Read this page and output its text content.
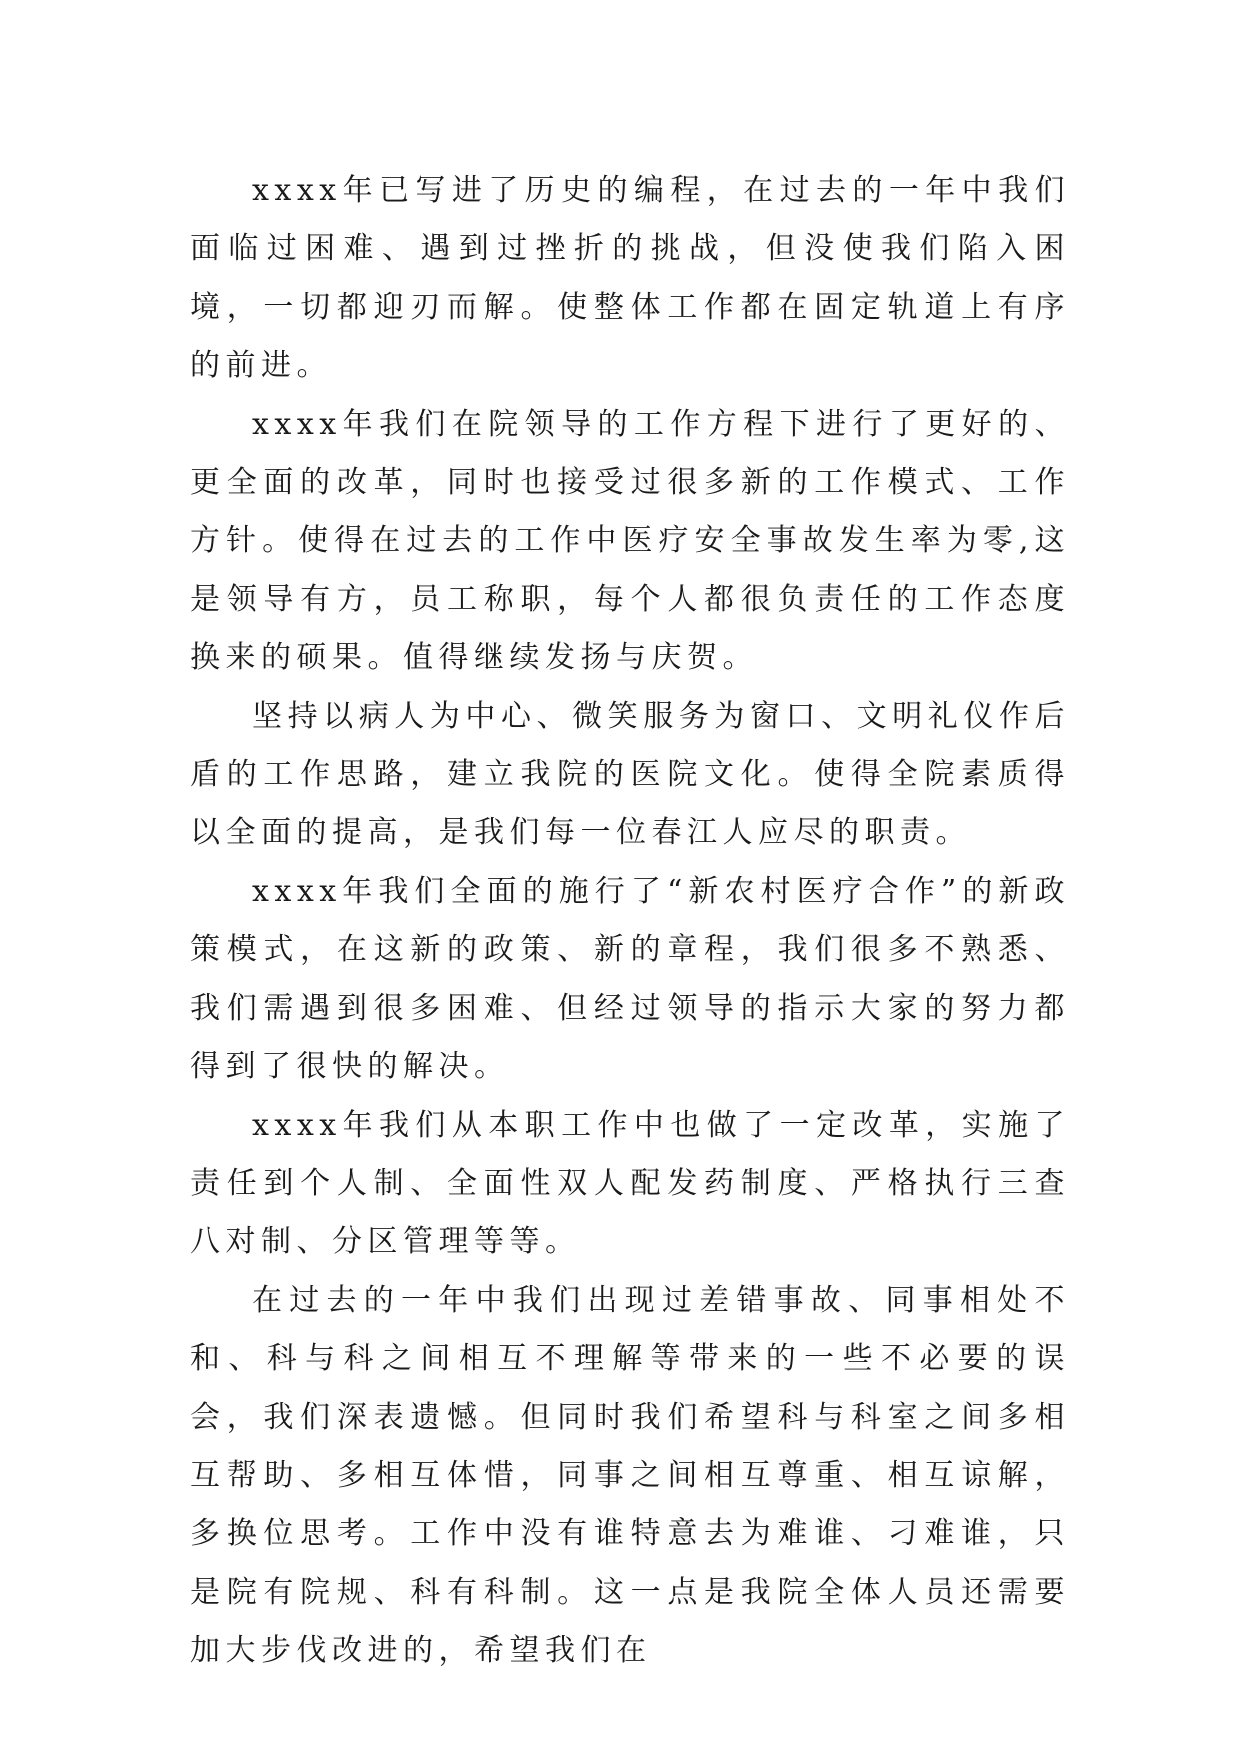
xxxx年已写进了历史的编程，在过去的一年中我们面临过困难、遇到过挫折的挑战，但没使我们陷入困境，一切都迎刃而解。使整体工作都在固定轨道上有序的前进。

xxxx年我们在院领导的工作方程下进行了更好的、更全面的改革，同时也接受过很多新的工作模式、工作方针。使得在过去的工作中医疗安全事故发生率为零,这是领导有方，员工称职，每个人都很负责任的工作态度换来的硕果。值得继续发扬与庆贺。

坚持以病人为中心、微笑服务为窗口、文明礼仪作后盾的工作思路，建立我院的医院文化。使得全院素质得以全面的提高，是我们每一位春江人应尽的职责。

xxxx年我们全面的施行了“新农村医疗合作”的新政策模式，在这新的政策、新的章程，我们很多不熟悉、我们需遇到很多困难、但经过领导的指示大家的努力都得到了很快的解决。

xxxx年我们从本职工作中也做了一定改革，实施了责任到个人制、全面性双人配发药制度、严格执行三查八对制、分区管理等等。

在过去的一年中我们出现过差错事故、同事相处不和、科与科之间相互不理解等带来的一些不必要的误会，我们深表遗憾。但同时我们希望科与科室之间多相互帮助、多相互体惜，同事之间相互尊重、相互谅解，多换位思考。工作中没有谁特意去为难谁、刁难谁，只是院有院规、科有科制。这一点是我院全体人员还需要加大步伐改进的，希望我们在
